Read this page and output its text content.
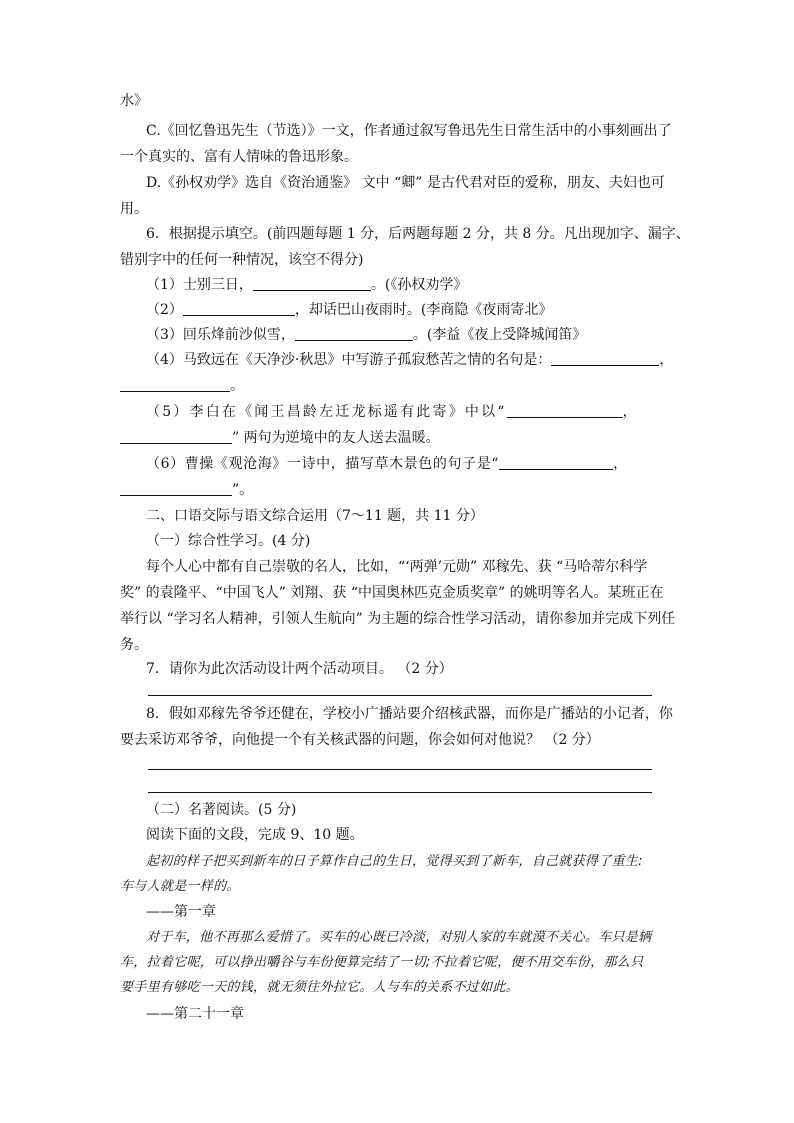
水》
C.《回忆鲁迅先生（节选）》一文，作者通过叙写鲁迅先生日常生活中的小事刻画出了
一个真实的、富有人情味的鲁迅形象。
D.《孙权劝学》选自《资治通鉴》 文中 “卿” 是古代君对臣的爱称，朋友、夫妇也可
用。
6．根据提示填空。(前四题每题 1 分，后两题每题 2 分，共 8 分。凡出现加字、漏字、
错别字中的任何一种情况，该空不得分)
（1）士别三日，	。(《孙权劝学》
（2）	，却话巴山夜雨时。(李商隐《夜雨寄北》
（3）回乐烽前沙似雪，	。(李益《夜上受降城闻笛》
（4）马致远在《天净沙·秋思》中写游子孤寂愁苦之情的名句是：	，
。
（5）李白在《闻王昌龄左迁龙标遥有此寄》中以“	，
” 两句为逆境中的友人送去温暖。
（6）曹操《观沧海》一诗中，描写草木景色的句子是“	，
”。
二、口语交际与语文综合运用（7～11 题，共 11 分）
（一）综合性学习。(4 分)
每个人心中都有自己崇敬的名人，比如，“‘两弹’元勋” 邓稼先、获 “马哈蒂尔科学
奖” 的袁隆平、“中国飞人” 刘翔、获 “中国奥林匹克金质奖章” 的姚明等名人。某班正在
举行以 “学习名人精神，引领人生航向” 为主题的综合性学习活动，请你参加并完成下列任
务。
7．请你为此次活动设计两个活动项目。 （2 分）
8．假如邓稼先爷爷还健在，学校小广播站要介绍核武器，而你是广播站的小记者，你
要去采访邓爷爷，向他提一个有关核武器的问题，你会如何对他说？ （2 分）
（二）名著阅读。(5 分)
阅读下面的文段，完成 9、10 题。
起初的样子把买到新车的日子算作自己的生日，觉得买到了新车，自己就获得了重生:
车与人就是一样的。
——第一章
对于车，他不再那么爱惜了。买车的心既已冷淡，对别人家的车就漠不关心。车只是辆
车，拉着它呢，可以挣出嚼谷与车份便算完结了一切;不拉着它呢，便不用交车份，那么只
要手里有够吃一天的钱，就无须往外拉它。人与车的关系不过如此。
——第二十一章
